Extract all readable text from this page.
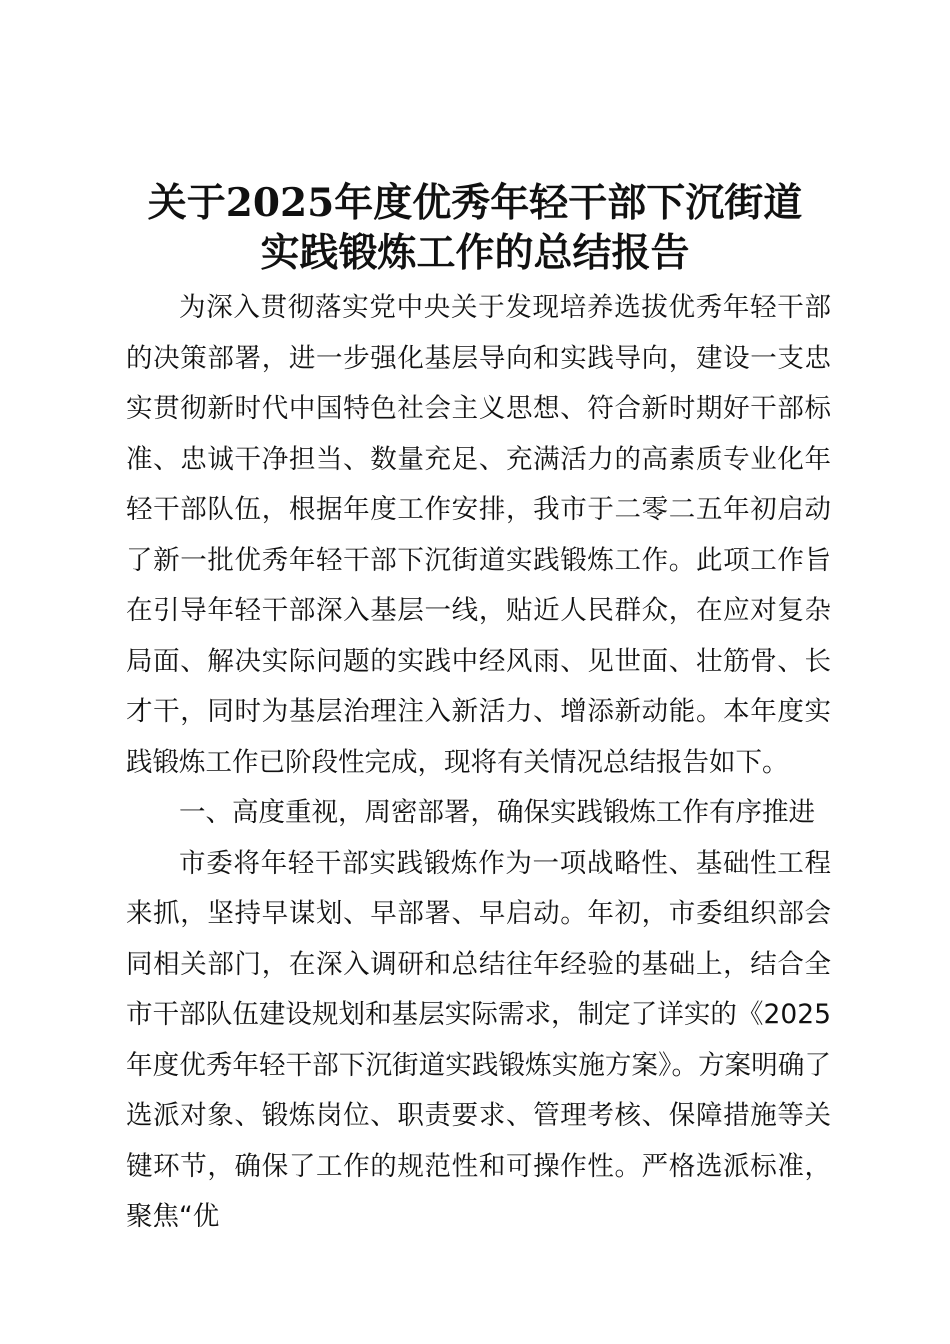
关于2025年度优秀年轻干部下沉街道
实践锻炼工作的总结报告

为深入贯彻落实党中央关于发现培养选拔优秀年轻干部的决策部署，进一步强化基层导向和实践导向，建设一支忠实贯彻新时代中国特色社会主义思想、符合新时期好干部标准、忠诚干净担当、数量充足、充满活力的高素质专业化年轻干部队伍，根据年度工作安排，我市于二零二五年初启动了新一批优秀年轻干部下沉街道实践锻炼工作。此项工作旨在引导年轻干部深入基层一线，贴近人民群众，在应对复杂局面、解决实际问题的实践中经风雨、见世面、壮筋骨、长才干，同时为基层治理注入新活力、增添新动能。本年度实践锻炼工作已阶段性完成，现将有关情况总结报告如下。

一、高度重视，周密部署，确保实践锻炼工作有序推进

市委将年轻干部实践锻炼作为一项战略性、基础性工程来抓，坚持早谋划、早部署、早启动。年初，市委组织部会同相关部门，在深入调研和总结往年经验的基础上，结合全市干部队伍建设规划和基层实际需求，制定了详实的《2025年度优秀年轻干部下沉街道实践锻炼实施方案》。方案明确了选派对象、锻炼岗位、职责要求、管理考核、保障措施等关键环节，确保了工作的规范性和可操作性。严格选派标准，聚焦“优
